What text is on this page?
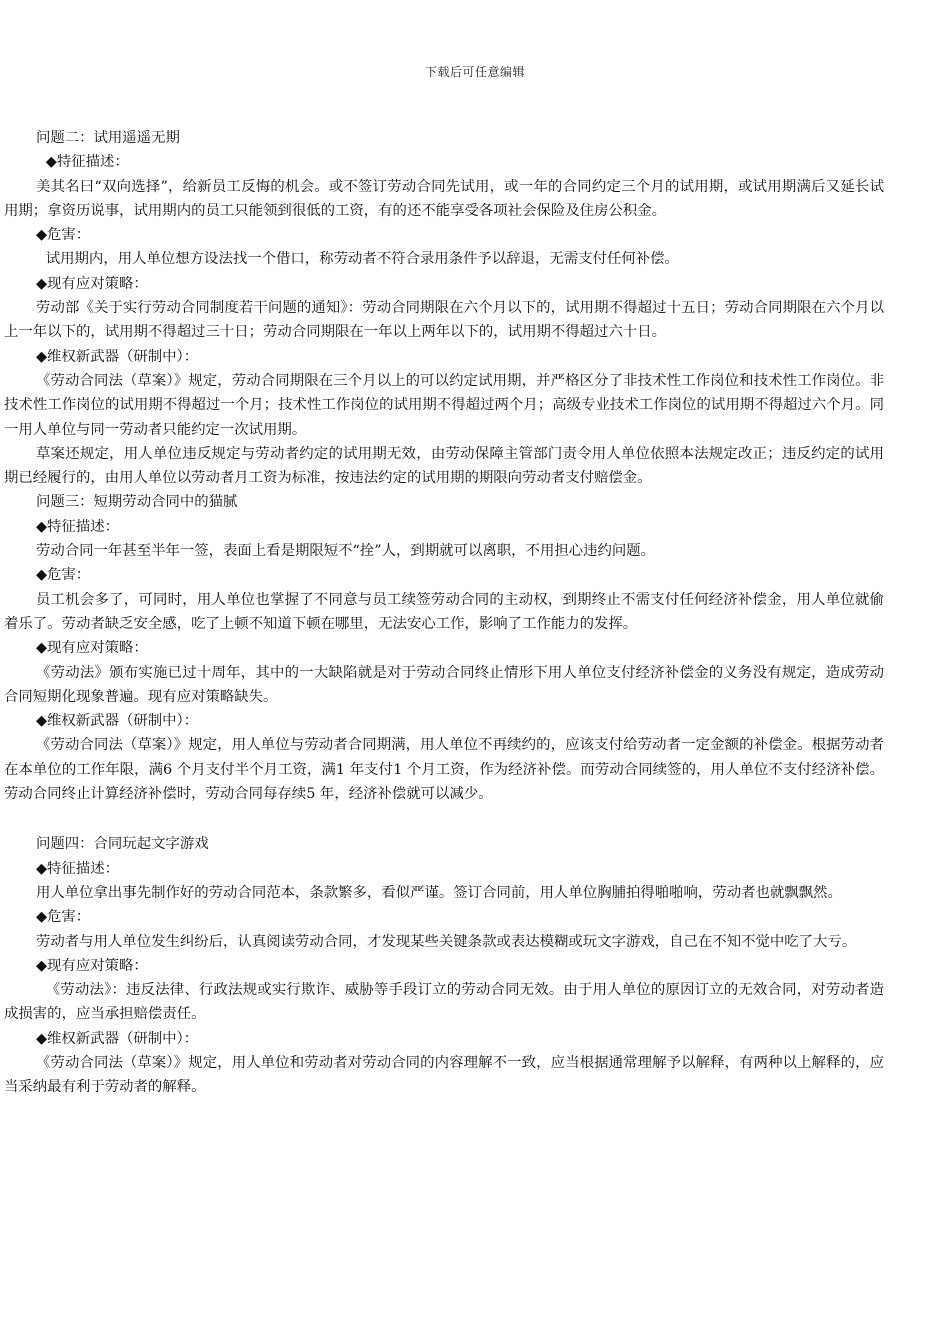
下载后可任意编辑

问题二：试用遥遥无期

◆特征描述：

美其名曰“双向选择”，给新员工反悔的机会。或不签订劳动合同先试用，或一年的合同约定三个月的试用期，或试用期满后又延长试用期；拿资历说事，试用期内的员工只能领到很低的工资，有的还不能享受各项社会保险及住房公积金。

◆危害：

试用期内，用人单位想方设法找一个借口，称劳动者不符合录用条件予以辞退，无需支付任何补偿。

◆现有应对策略：

劳动部《关于实行劳动合同制度若干问题的通知》：劳动合同期限在六个月以下的，试用期不得超过十五日；劳动合同期限在六个月以上一年以下的，试用期不得超过三十日；劳动合同期限在一年以上两年以下的，试用期不得超过六十日。

◆维权新武器（研制中）：

《劳动合同法（草案）》规定，劳动合同期限在三个月以上的可以约定试用期，并严格区分了非技术性工作岗位和技术性工作岗位。非技术性工作岗位的试用期不得超过一个月；技术性工作岗位的试用期不得超过两个月；高级专业技术工作岗位的试用期不得超过六个月。同一用人单位与同一劳动者只能约定一次试用期。

草案还规定，用人单位违反规定与劳动者约定的试用期无效，由劳动保障主管部门责令用人单位依照本法规定改正；违反约定的试用期已经履行的，由用人单位以劳动者月工资为标准，按违法约定的试用期的期限向劳动者支付赔偿金。

问题三：短期劳动合同中的猫腻

◆特征描述：

劳动合同一年甚至半年一签，表面上看是期限短不“拴”人，到期就可以离职，不用担心违约问题。

◆危害：

员工机会多了，可同时，用人单位也掌握了不同意与员工续签劳动合同的主动权，到期终止不需支付任何经济补偿金，用人单位就偷着乐了。劳动者缺乏安全感，吃了上顿不知道下顿在哪里，无法安心工作，影响了工作能力的发挥。

◆现有应对策略：

《劳动法》颁布实施已过十周年，其中的一大缺陷就是对于劳动合同终止情形下用人单位支付经济补偿金的义务没有规定，造成劳动合同短期化现象普遍。现有应对策略缺失。

◆维权新武器（研制中）：

《劳动合同法（草案）》规定，用人单位与劳动者合同期满，用人单位不再续约的，应该支付给劳动者一定金额的补偿金。根据劳动者在本单位的工作年限，满6 个月支付半个月工资，满1 年支付1 个月工资，作为经济补偿。而劳动合同续签的，用人单位不支付经济补偿。劳动合同终止计算经济补偿时，劳动合同每存续5 年，经济补偿就可以减少。

问题四：合同玩起文字游戏

◆特征描述：

用人单位拿出事先制作好的劳动合同范本，条款繁多，看似严谨。签订合同前，用人单位胸脯拍得啪啪响，劳动者也就飘飘然。

◆危害：

劳动者与用人单位发生纠纷后，认真阅读劳动合同，才发现某些关键条款或表达模糊或玩文字游戏，自己在不知不觉中吃了大亏。

◆现有应对策略：

《劳动法》：违反法律、行政法规或实行欺诈、威胁等手段订立的劳动合同无效。由于用人单位的原因订立的无效合同，对劳动者造成损害的，应当承担赔偿责任。

◆维权新武器（研制中）：

《劳动合同法（草案）》规定，用人单位和劳动者对劳动合同的内容理解不一致，应当根据通常理解予以解释，有两种以上解释的，应当采纳最有利于劳动者的解释。
